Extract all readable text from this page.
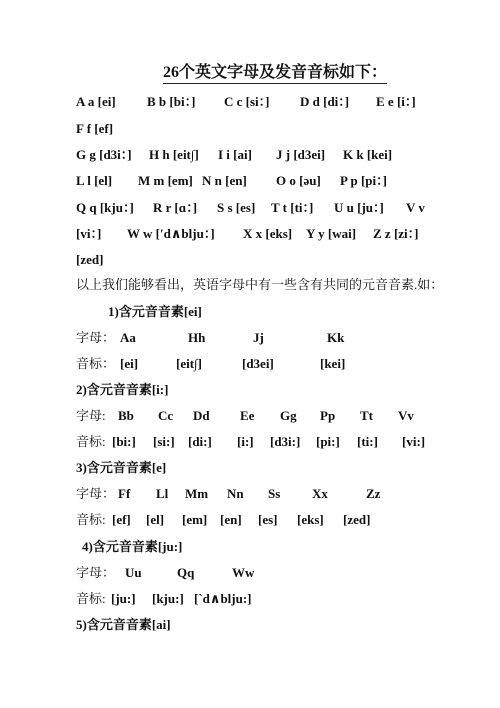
26个英文字母及发音音标如下：
A a [ei] B b [bi：] C c [si：] D d [di：] E e [i：]
F f [ef]
G g [d3i：] H h [eit∫] I i [ai] J j [d3ei] K k [kei]
L l [el] M m [em] N n [en] O o [əu] P p [pi：]
Q q [kju：] R r [ɑ：] S s [es] T t [ti：] U u [ju：] V v
[vi：] W w [′d∧blju：] X x [eks] Y y [wai] Z z [zi：]
[zed]
以上我们能够看出，英语字母中有一些含有共同的元音音素.如：
1)含元音音素[ei]
字母： Aa	Hh	Jj	Kk
音标： [ei]	[eit∫]	[d3ei]	[kei]
2)含元音音素[i:]
字母: Bb Cc Dd Ee Gg Pp Tt Vv
音标: [bi:] [si:] [di:] [i:] [d3i:] [pi:] [ti:] [vi:]
3)含元音音素[e]
字母： Ff Ll Mm Nn Ss Xx	Zz
音标: [ef] [el] [em] [en] [es] [eks] [zed]
4)含元音音素[ju:]
字母： Uu	Qq	Ww
音标: [ju:] [kju:] [`d∧blju:]
5)含元音音素[ai]
